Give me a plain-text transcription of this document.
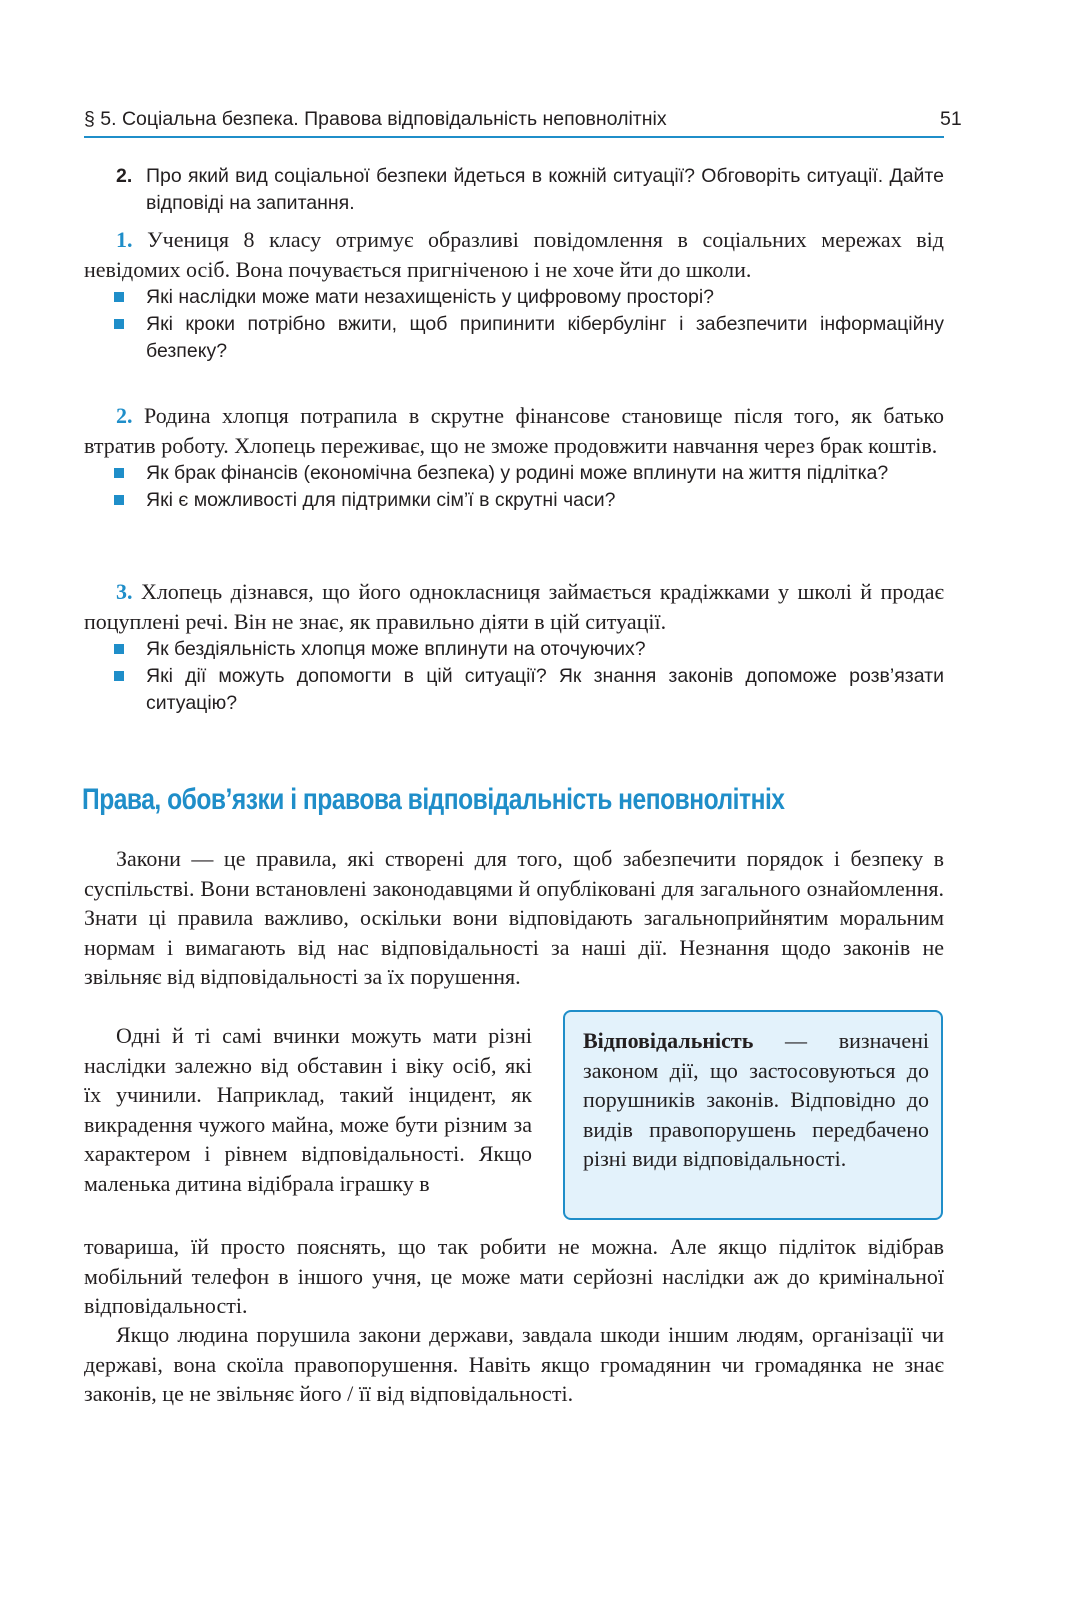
§ 5. Соціальна безпека. Правова відповідальність неповнолітніх	51
2. Про який вид соціальної безпеки йдеться в кожній ситуації? Обговоріть ситуації. Дайте відповіді на запитання.
1. Учениця 8 класу отримує образливі повідомлення в соціальних мережах від невідомих осіб. Вона почувається пригніченою і не хоче йти до школи.
Які наслідки може мати незахищеність у цифровому просторі?
Які кроки потрібно вжити, щоб припинити кібербулінг і забезпечити інформаційну безпеку?
2. Родина хлопця потрапила в скрутне фінансове становище після того, як батько втратив роботу. Хлопець переживає, що не зможе продовжити навчання через брак коштів.
Як брак фінансів (економічна безпека) у родині може вплинути на життя підлітка?
Які є можливості для підтримки сім’ї в скрутні часи?
3. Хлопець дізнався, що його однокласниця займається крадіжками у школі й продає поцуплені речі. Він не знає, як правильно діяти в цій ситуації.
Як бездіяльність хлопця може вплинути на оточуючих?
Які дії можуть допомогти в цій ситуації? Як знання законів допоможе розв’язати ситуацію?
Права, обов’язки і правова відповідальність неповнолітніх
Закони — це правила, які створені для того, щоб забезпечити порядок і безпеку в суспільстві. Вони встановлені законодавцями й опубліковані для загального ознайомлення. Знати ці правила важливо, оскільки вони відповідають загальноприйнятим моральним нормам і вимагають від нас відповідальності за наші дії. Незнання щодо законів не звільняє від відповідальності за їх порушення.
Одні й ті самі вчинки можуть мати різні наслідки залежно від обставин і віку осіб, які їх учинили. Наприклад, такий інцидент, як викрадення чужого майна, може бути різним за характером і рівнем відповідальності. Якщо маленька дитина відібрала іграшку в
Відповідальність — визначені законом дії, що застосовуються до порушників законів. Відповідно до видів правопорушень передбачено різні види відповідальності.
товариша, їй просто пояснять, що так робити не можна. Але якщо підліток відібрав мобільний телефон в іншого учня, це може мати серйозні наслідки аж до кримінальної відповідальності.
Якщо людина порушила закони держави, завдала шкоди іншим людям, організації чи державі, вона скоїла правопорушення. Навіть якщо громадянин чи громадянка не знає законів, це не звільняє його / її від відповідальності.
